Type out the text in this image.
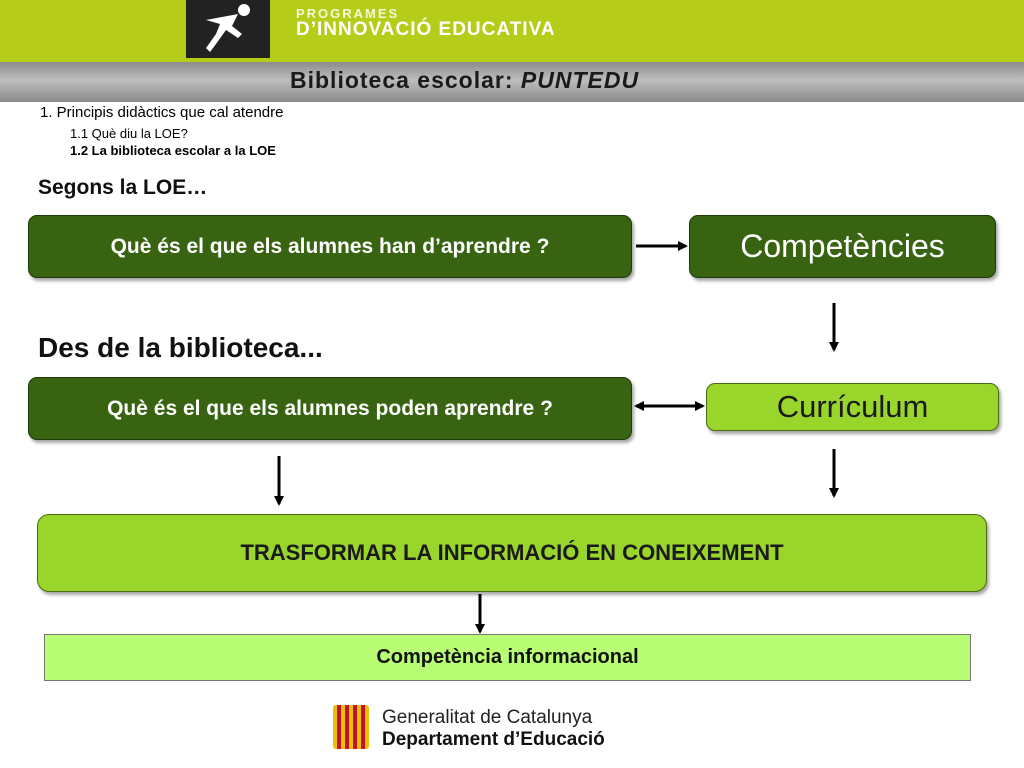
PROGRAMES
D’INNOVACIÓ EDUCATIVA
Biblioteca escolar: PUNTEDU
1. Principis didàctics que cal atendre
1.1 Què diu la LOE?
1.2 La biblioteca escolar a la LOE
Segons la LOE…
Què és el que els alumnes han d’aprendre ?	Competències
Des de la biblioteca...
Què és el que els alumnes poden aprendre ?	Currículum
TRASFORMAR LA INFORMACIÓ EN CONEIXEMENT
Competència informacional
Generalitat de Catalunya
Departament d’Educació
